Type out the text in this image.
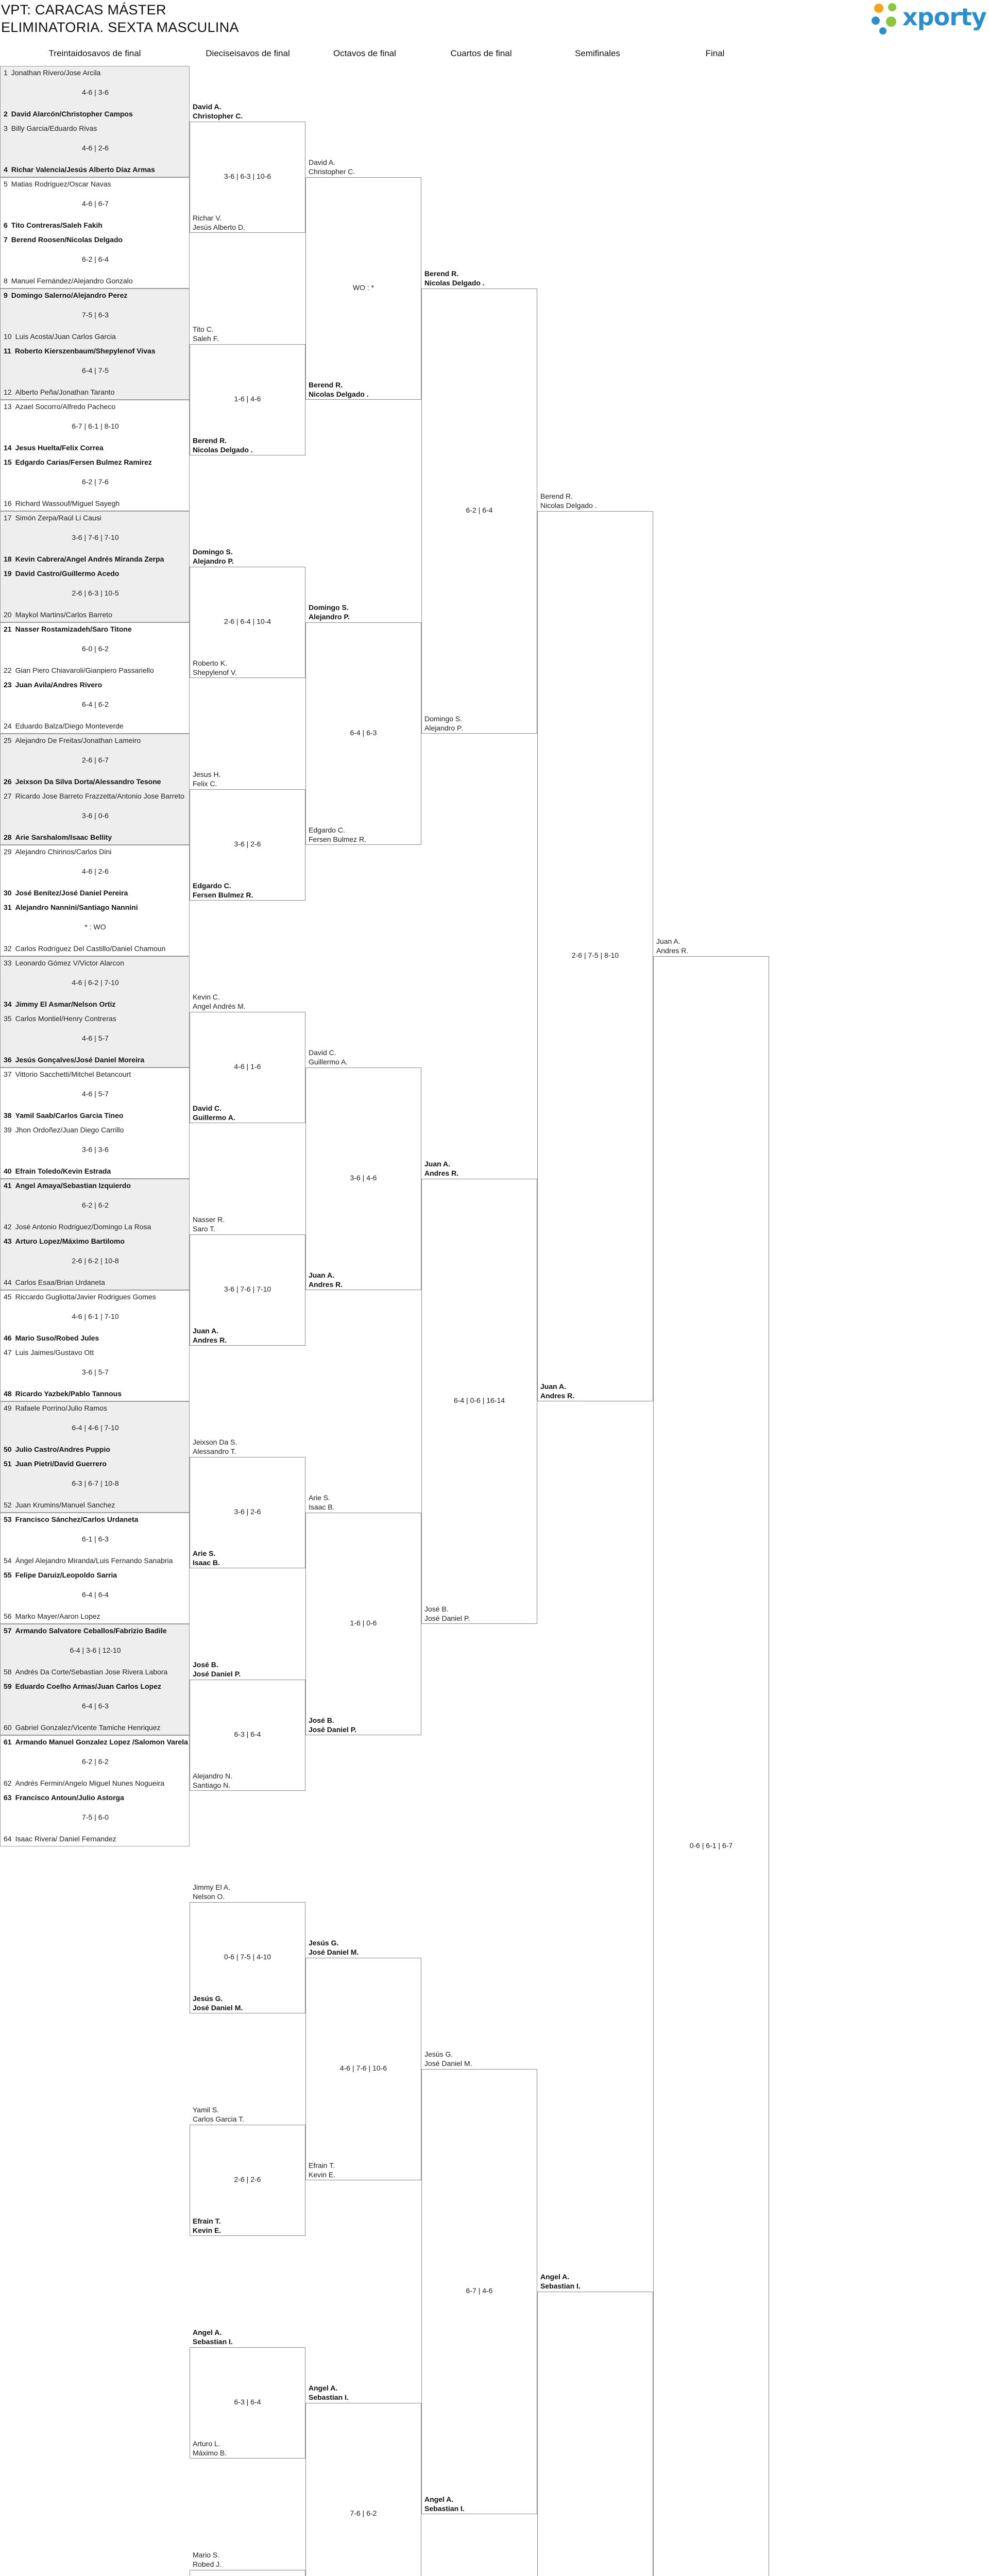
VPT: CARACAS MÁSTER
ELIMINATORIA. SEXTA MASCULINA	xporty
Treintaidosavos de final	Dieciseisavos de final	Octavos de final	Cuartos de final	Semifinales	Final
1 Jonathan Rivero/Jose Arcila
2 David Alarcón/Christopher Campos
4-6 | 3-6
3 Billy Garcia/Eduardo Rivas
4 Richar Valencia/Jesús Alberto Díaz Armas
4-6 | 2-6
5 Matias Rodriguez/Oscar Navas
6 Tito Contreras/Saleh Fakih
4-6 | 6-7
7 Berend Roosen/Nicolas Delgado
8 Manuel Fernández/Alejandro Gonzalo
6-2 | 6-4
9 Domingo Salerno/Alejandro Perez
10 Luis Acosta/Juan Carlos Garcia
7-5 | 6-3
11 Roberto Kierszenbaum/Shepylenof Vivas
12 Alberto Peña/Jonathan Taranto
6-4 | 7-5
13 Azael Socorro/Alfredo Pacheco
14 Jesus Huelta/Felix Correa
6-7 | 6-1 | 8-10
15 Edgardo Carias/Fersen Bulmez Ramirez
16 Richard Wassouf/Miguel Sayegh
6-2 | 7-6
17 Simón Zerpa/Raúl Li Causi
18 Kevin Cabrera/Angel Andrés Miranda Zerpa
3-6 | 7-6 | 7-10
19 David Castro/Guillermo Acedo
20 Maykol Martins/Carlos Barreto
2-6 | 6-3 | 10-5
21 Nasser Rostamizadeh/Saro Titone
22 Gian Piero Chiavaroli/Gianpiero Passariello
6-0 | 6-2
23 Juan Avila/Andres Rivero
24 Eduardo Balza/Diego Monteverde
6-4 | 6-2
25 Alejandro De Freitas/Jonathan Lameiro
26 Jeixson Da Silva Dorta/Alessandro Tesone
2-6 | 6-7
27 Ricardo Jose Barreto Frazzetta/Antonio Jose Barreto
28 Arie Sarshalom/Isaac Bellity
3-6 | 0-6
29 Alejandro Chirinos/Carlos Dini
30 José Benítez/José Daniel Pereira
4-6 | 2-6
31 Alejandro Nannini/Santiago Nannini
32 Carlos Rodríguez Del Castillo/Daniel Chamoun
* : WO
33 Leonardo Gómez V/Victor Alarcon
34 Jimmy El Asmar/Nelson Ortiz
4-6 | 6-2 | 7-10
35 Carlos Montiel/Henry Contreras
36 Jesús Gonçalves/José Daniel Moreira
4-6 | 5-7
37 Vittorio Sacchetti/Mitchel Betancourt
38 Yamil Saab/Carlos Garcia Tineo
4-6 | 5-7
39 Jhon Ordoñez/Juan Diego Carrillo
40 Efrain Toledo/Kevin Estrada
3-6 | 3-6
41 Angel Amaya/Sebastian Izquierdo
42 José Antonio Rodriguez/Domingo La Rosa
6-2 | 6-2
43 Arturo Lopez/Máximo Bartilomo
44 Carlos Esaa/Brian Urdaneta
2-6 | 6-2 | 10-8
45 Riccardo Gugliotta/Javier Rodrigues Gomes
46 Mario Suso/Robed Jules
4-6 | 6-1 | 7-10
47 Luis Jaimes/Gustavo Ott
48 Ricardo Yazbek/Pablo Tannous
3-6 | 5-7
49 Rafaele Porrino/Julio Ramos
50 Julio Castro/Andres Puppio
6-4 | 4-6 | 7-10
51 Juan Pietri/David Guerrero
52 Juan Krumins/Manuel Sanchez
6-3 | 6-7 | 10-8
53 Francisco Sánchez/Carlos Urdaneta
54 Ángel Alejandro Miranda/Luis Fernando Sanabria
6-1 | 6-3
55 Felipe Daruiz/Leopoldo Sarria
56 Marko Mayer/Aaron Lopez
6-4 | 6-4
57 Armando Salvatore Ceballos/Fabrizio Badile
58 Andrés Da Corte/Sebastian Jose Rivera Labora
6-4 | 3-6 | 12-10
59 Eduardo Coelho Armas/Juan Carlos Lopez
60 Gabriel Gonzalez/Vicente Tamiche Henriquez
6-4 | 6-3
61 Armando Manuel Gonzalez Lopez /Salomon Varela
62 Andrés Fermin/Angelo Miguel Nunes Nogueira
6-2 | 6-2
63 Francisco Antoun/Julio Astorga
64 Isaac Rivera/ Daniel Fernandez
7-5 | 6-0
David A.
Christopher C.
Richar V.
Jesús Alberto D.
3-6 | 6-3 | 10-6
Tito C.
Saleh F.
Berend R.
Nicolas Delgado .
1-6 | 4-6
Domingo S.
Alejandro P.
Roberto K.
Shepylenof V.
2-6 | 6-4 | 10-4
Jesus H.
Felix C.
Edgardo C.
Fersen Bulmez R.
3-6 | 2-6
Kevin C.
Angel Andrés M.
David C.
Guillermo A.
4-6 | 1-6
Nasser R.
Saro T.
Juan A.
Andres R.
3-6 | 7-6 | 7-10
Jeixson Da S.
Alessandro T.
Arie S.
Isaac B.
3-6 | 2-6
José B.
José Daniel P.
Alejandro N.
Santiago N.
6-3 | 6-4
Jimmy El A.
Nelson O.
Jesús G.
José Daniel M.
0-6 | 7-5 | 4-10
Yamil S.
Carlos Garcia T.
Efrain T.
Kevin E.
2-6 | 2-6
Angel A.
Sebastian I.
Arturo L.
Máximo B.
6-3 | 6-4
Mario S.
Robed J.
David A.
Christopher C.
Berend R.
Nicolas Delgado .
WO : *
Domingo S.
Alejandro P.
Edgardo C.
Fersen Bulmez R.
6-4 | 6-3
David C.
Guillermo A.
Juan A.
Andres R.
3-6 | 4-6
Arie S.
Isaac B.
José B.
José Daniel P.
1-6 | 0-6
Jesús G.
José Daniel M.
Efrain T.
Kevin E.
4-6 | 7-6 | 10-6
Angel A.
Sebastian I.
7-6 | 6-2
Berend R.
Nicolas Delgado .
Domingo S.
Alejandro P.
6-2 | 6-4
Juan A.
Andres R.
José B.
José Daniel P.
6-4 | 0-6 | 16-14
Jesús G.
José Daniel M.
Angel A.
Sebastian I.
6-7 | 4-6
Berend R.
Nicolas Delgado .
Juan A.
Andres R.
2-6 | 7-5 | 8-10
Angel A.
Sebastian I.
Juan A.
Andres R.
0-6 | 6-1 | 6-7
